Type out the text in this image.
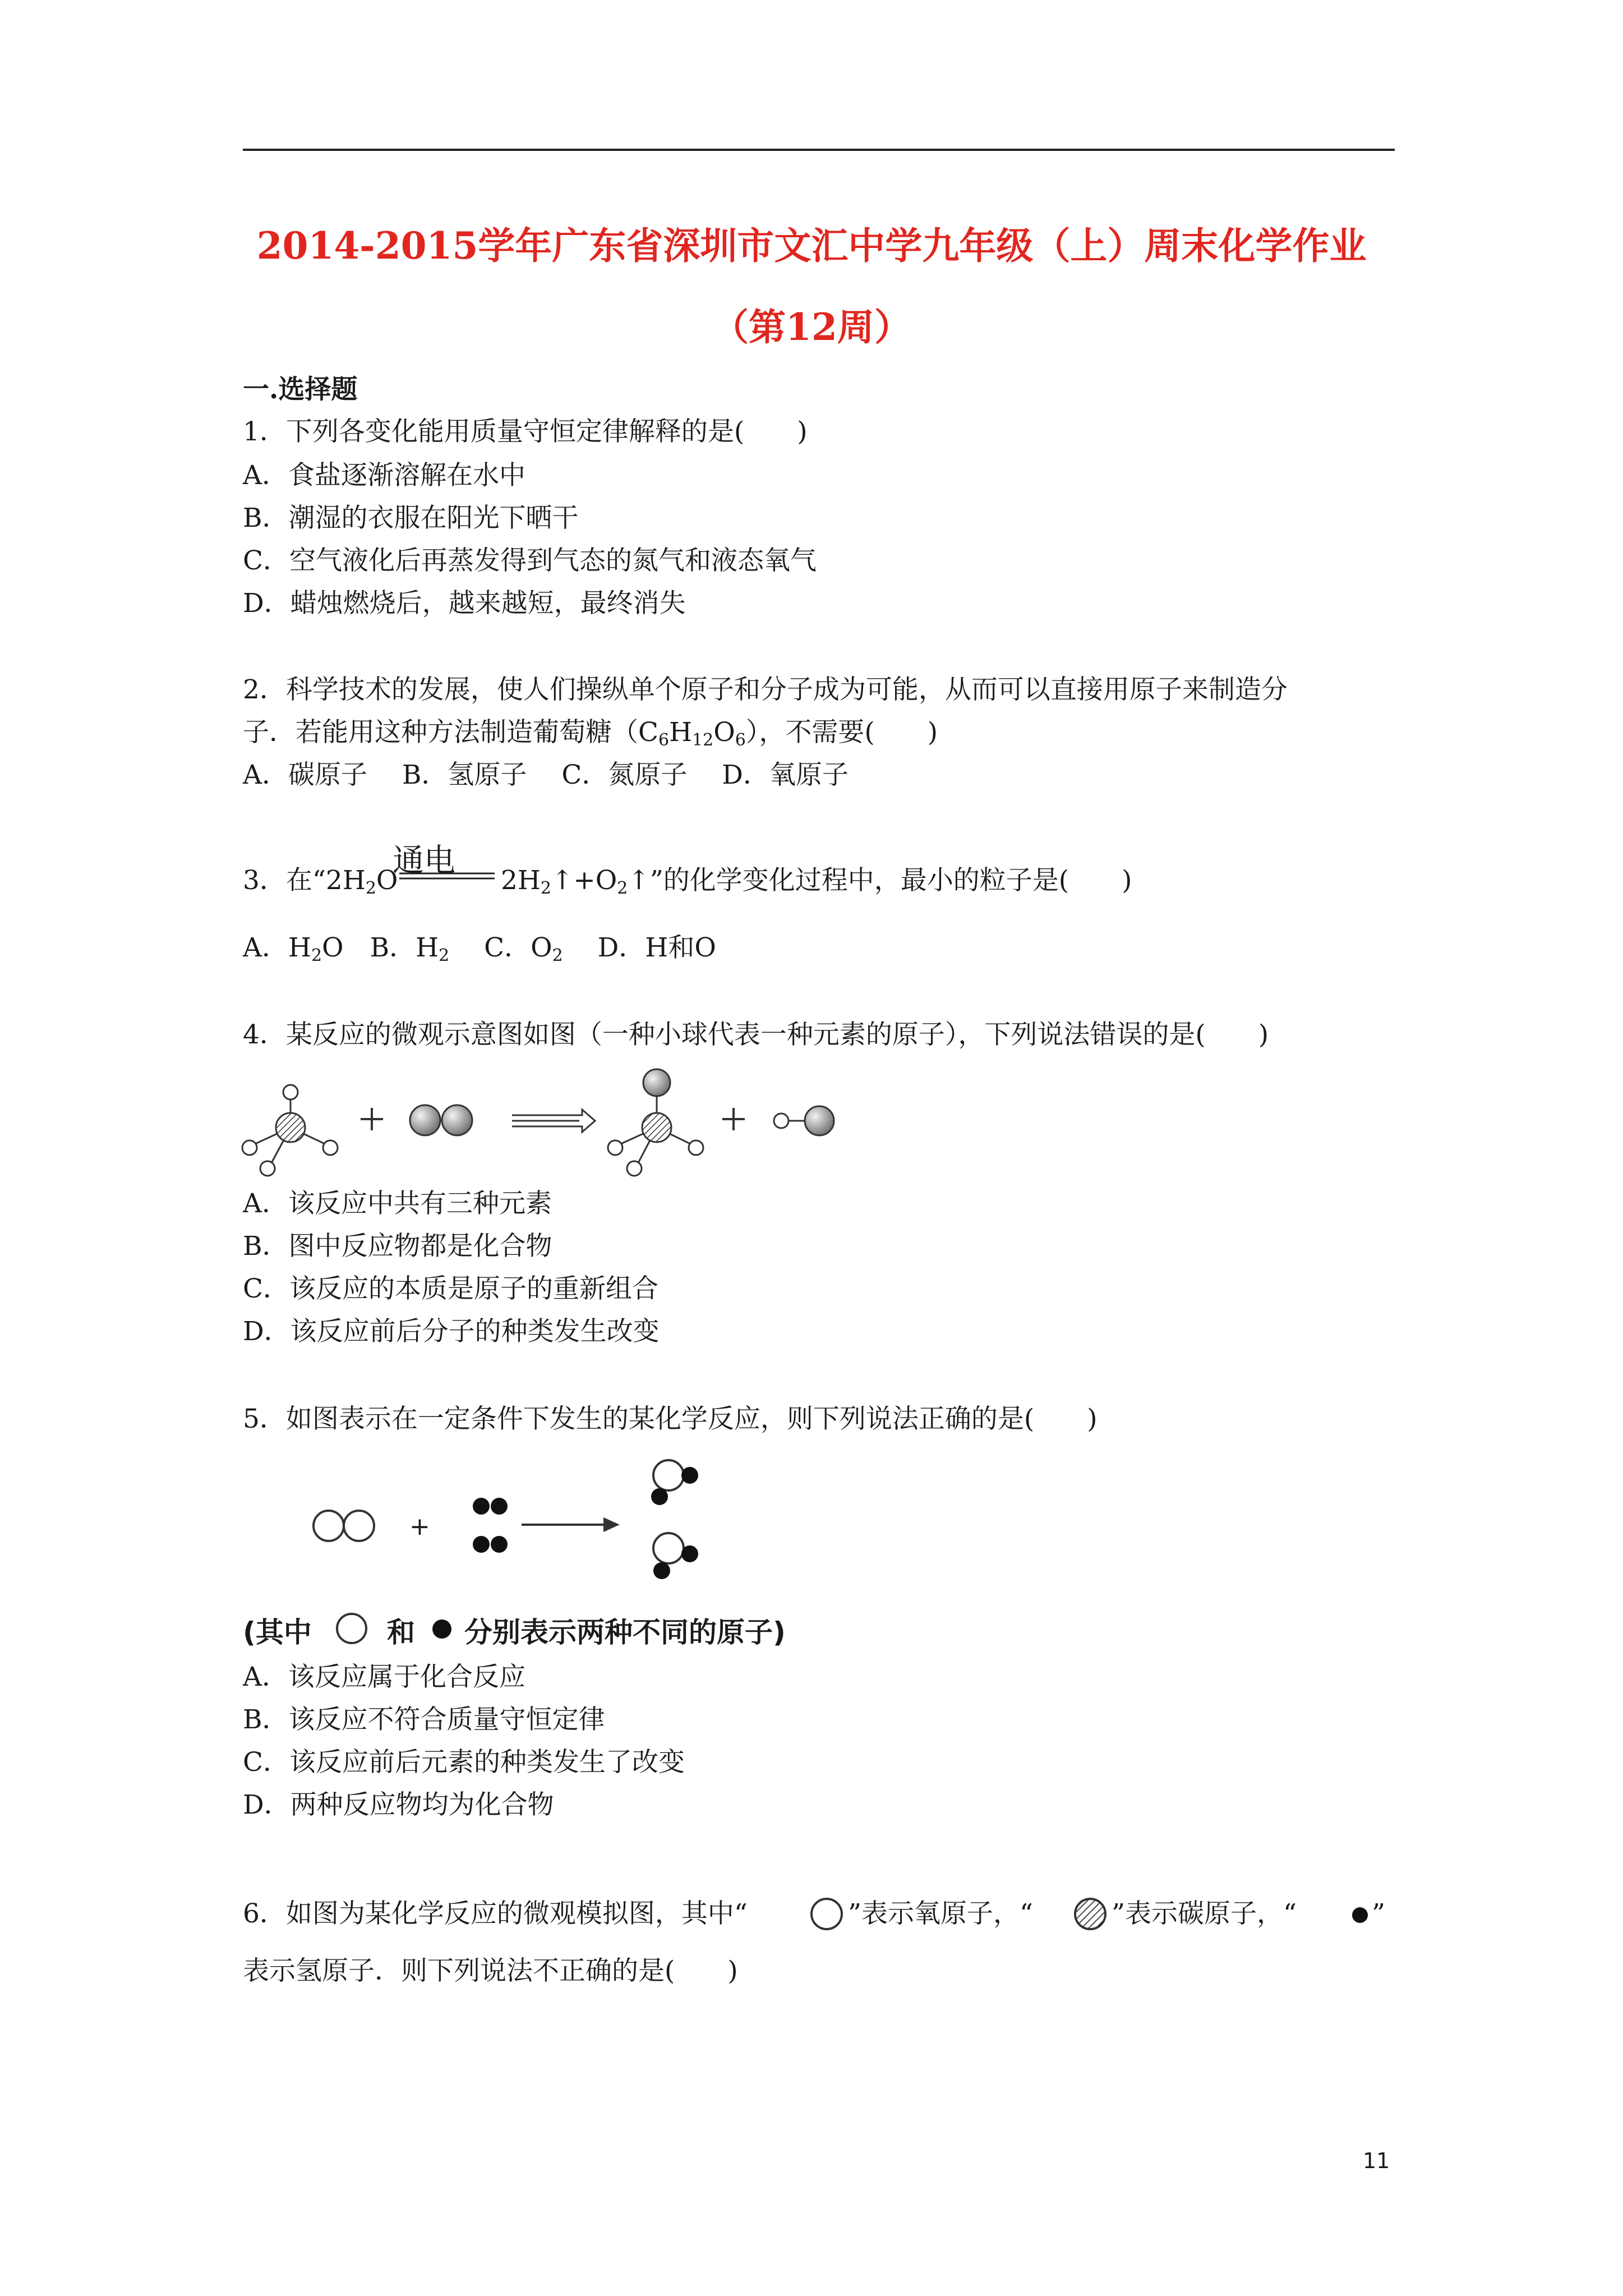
2014-2015学年广东省深圳市文汇中学九年级（上）周末化学作业
（第12周）
一.选择题
1．下列各变化能用质量守恒定律解释的是(　　)
A．食盐逐渐溶解在水中
B．潮湿的衣服在阳光下晒干
C．空气液化后再蒸发得到气态的氮气和液态氧气
D．蜡烛燃烧后，越来越短，最终消失
2．科学技术的发展，使人们操纵单个原子和分子成为可能，从而可以直接用原子来制造分
子．若能用这种方法制造葡萄糖$(C_6H_{12}O_6)$，不需要(　　)
A．碳原子　 B．氢原子　 C．氮原子　 D．氧原子
通电
3．在“$2H_2O$	$2H_2↑+O_2↑$”的化学变化过程中，最小的粒子是(　　)
A．$H_2O$　B．$H_2$　 C．$O_2$　 D．H和O
4．某反应的微观示意图如图（一种小球代表一种元素的原子），下列说法错误的是(　　)
A．该反应中共有三种元素
B．图中反应物都是化合物
C．该反应的本质是原子的重新组合
D．该反应前后分子的种类发生改变
5．如图表示在一定条件下发生的某化学反应，则下列说法正确的是(　　)
+
(其中	和 分别表示两种不同的原子)
A．该反应属于化合反应
B．该反应不符合质量守恒定律
C．该反应前后元素的种类发生了改变
D．两种反应物均为化合物
6．如图为某化学反应的微观模拟图，其中“	”表示氧原子，“	”表示碳原子，“	”
表示氢原子．则下列说法不正确的是(　　)
11
